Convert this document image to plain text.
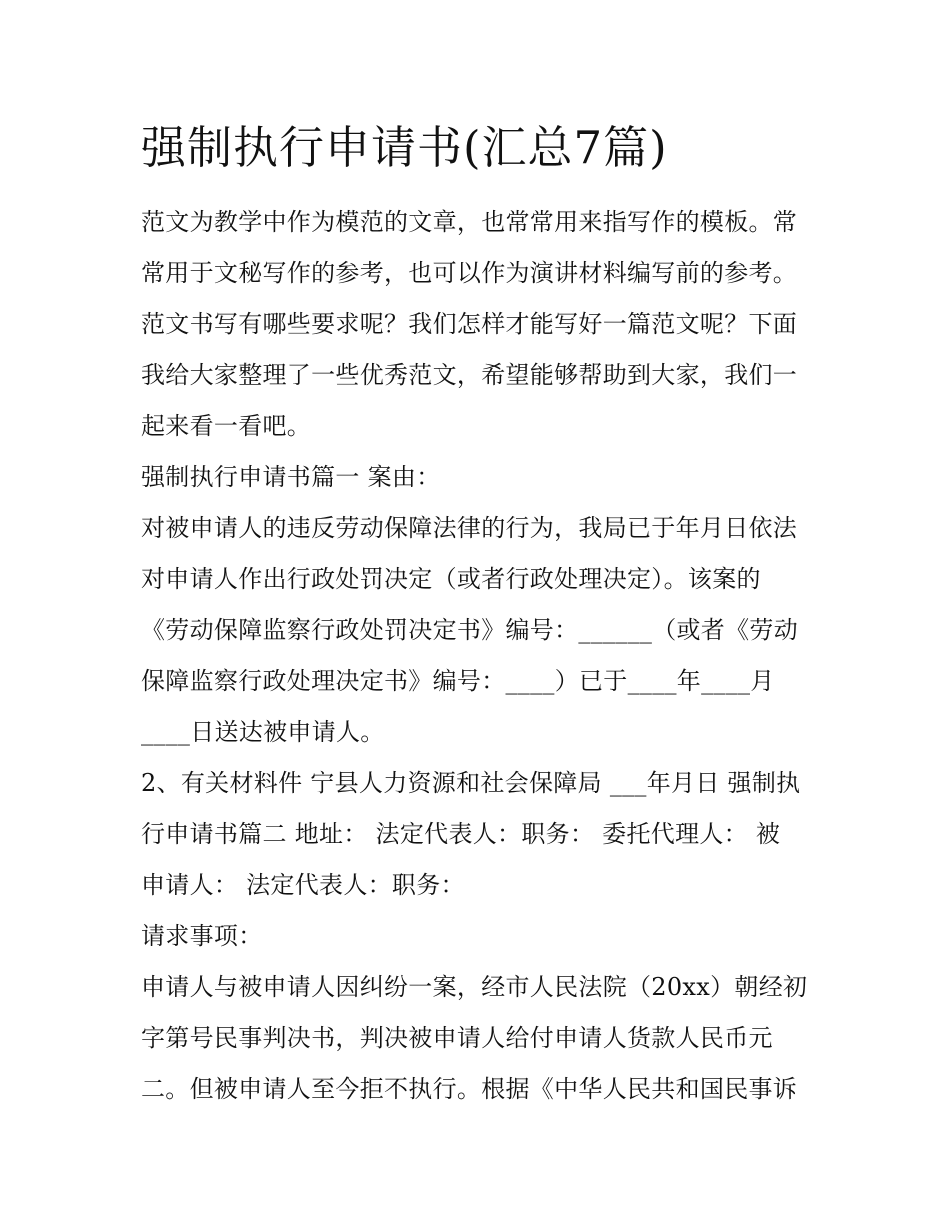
强制执行申请书(汇总7篇)
范文为教学中作为模范的文章，也常常用来指写作的模板。常
常用于文秘写作的参考，也可以作为演讲材料编写前的参考。
范文书写有哪些要求呢？我们怎样才能写好一篇范文呢？下面
我给大家整理了一些优秀范文，希望能够帮助到大家，我们一
起来看一看吧。
强制执行申请书篇一 案由：
对被申请人的违反劳动保障法律的行为，我局已于年月日依法
对申请人作出行政处罚决定（或者行政处理决定）。该案的
《劳动保障监察行政处罚决定书》编号：______（或者《劳动
保障监察行政处理决定书》编号：____）已于____年____月
____日送达被申请人。
2、有关材料件 宁县人力资源和社会保障局 ___年月日 强制执
行申请书篇二 地址： 法定代表人：职务： 委托代理人： 被
申请人： 法定代表人：职务：
请求事项：
申请人与被申请人因纠纷一案，经市人民法院（20xx）朝经初
字第号民事判决书，判决被申请人给付申请人货款人民币元
二。但被申请人至今拒不执行。根据《中华人民共和国民事诉
